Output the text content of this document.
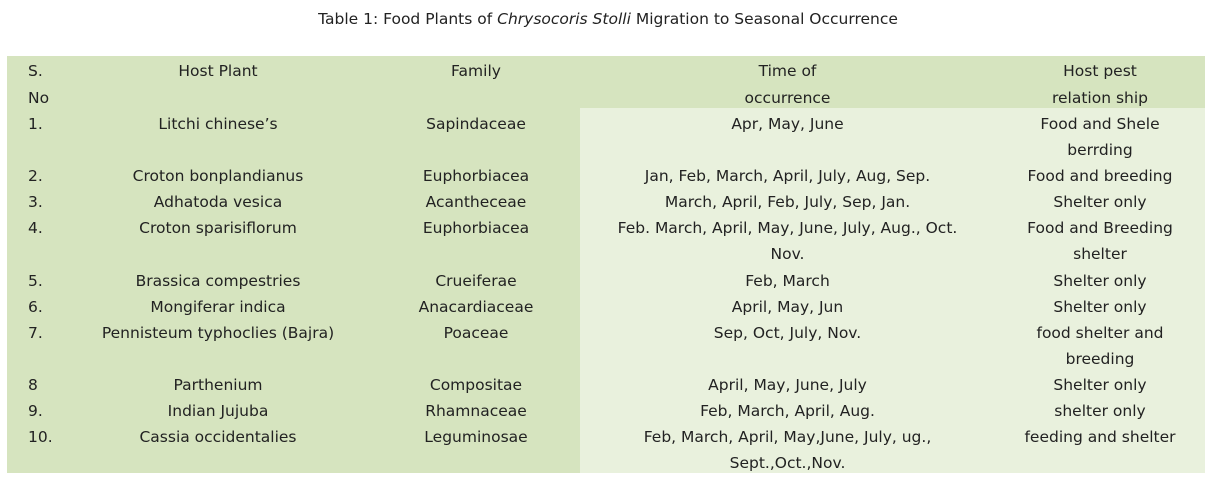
Table 1: Food Plants of Chrysocoris Stolli Migration to Seasonal Occurrence
S. No	Host Plant	Family	Time of occurrence	Host pest relation ship

1.	Litchi chinese’s	Sapindaceae	Apr, May, June	Food and Shele berrding

2.	Croton bonplandianus	Euphorbiacea	Jan, Feb, March, April, July, Aug, Sep.	Food and breeding

3.	Adhatoda vesica	Acantheceae	March, April, Feb, July, Sep, Jan.	Shelter only

4.	Croton sparisiflorum	Euphorbiacea	Feb. March, April, May, June, July, Aug., Oct. Nov.	Food and Breeding shelter

5.	Brassica compestries	Crueiferae	Feb, March	Shelter only

6.	Mongiferar indica	Anacardiaceae	April, May, Jun	Shelter only

7.	Pennisteum typhoclies (Bajra)	Poaceae	Sep, Oct, July, Nov.	food shelter and breeding

8	Parthenium	Compositae	April, May, June, July	Shelter only

9.	Indian Jujuba	Rhamnaceae	Feb, March, April, Aug.	shelter only

10.	Cassia occidentalies	Leguminosae	Feb, March, April, May,June, July, ug., Sept.,Oct.,Nov.	feeding and shelter
